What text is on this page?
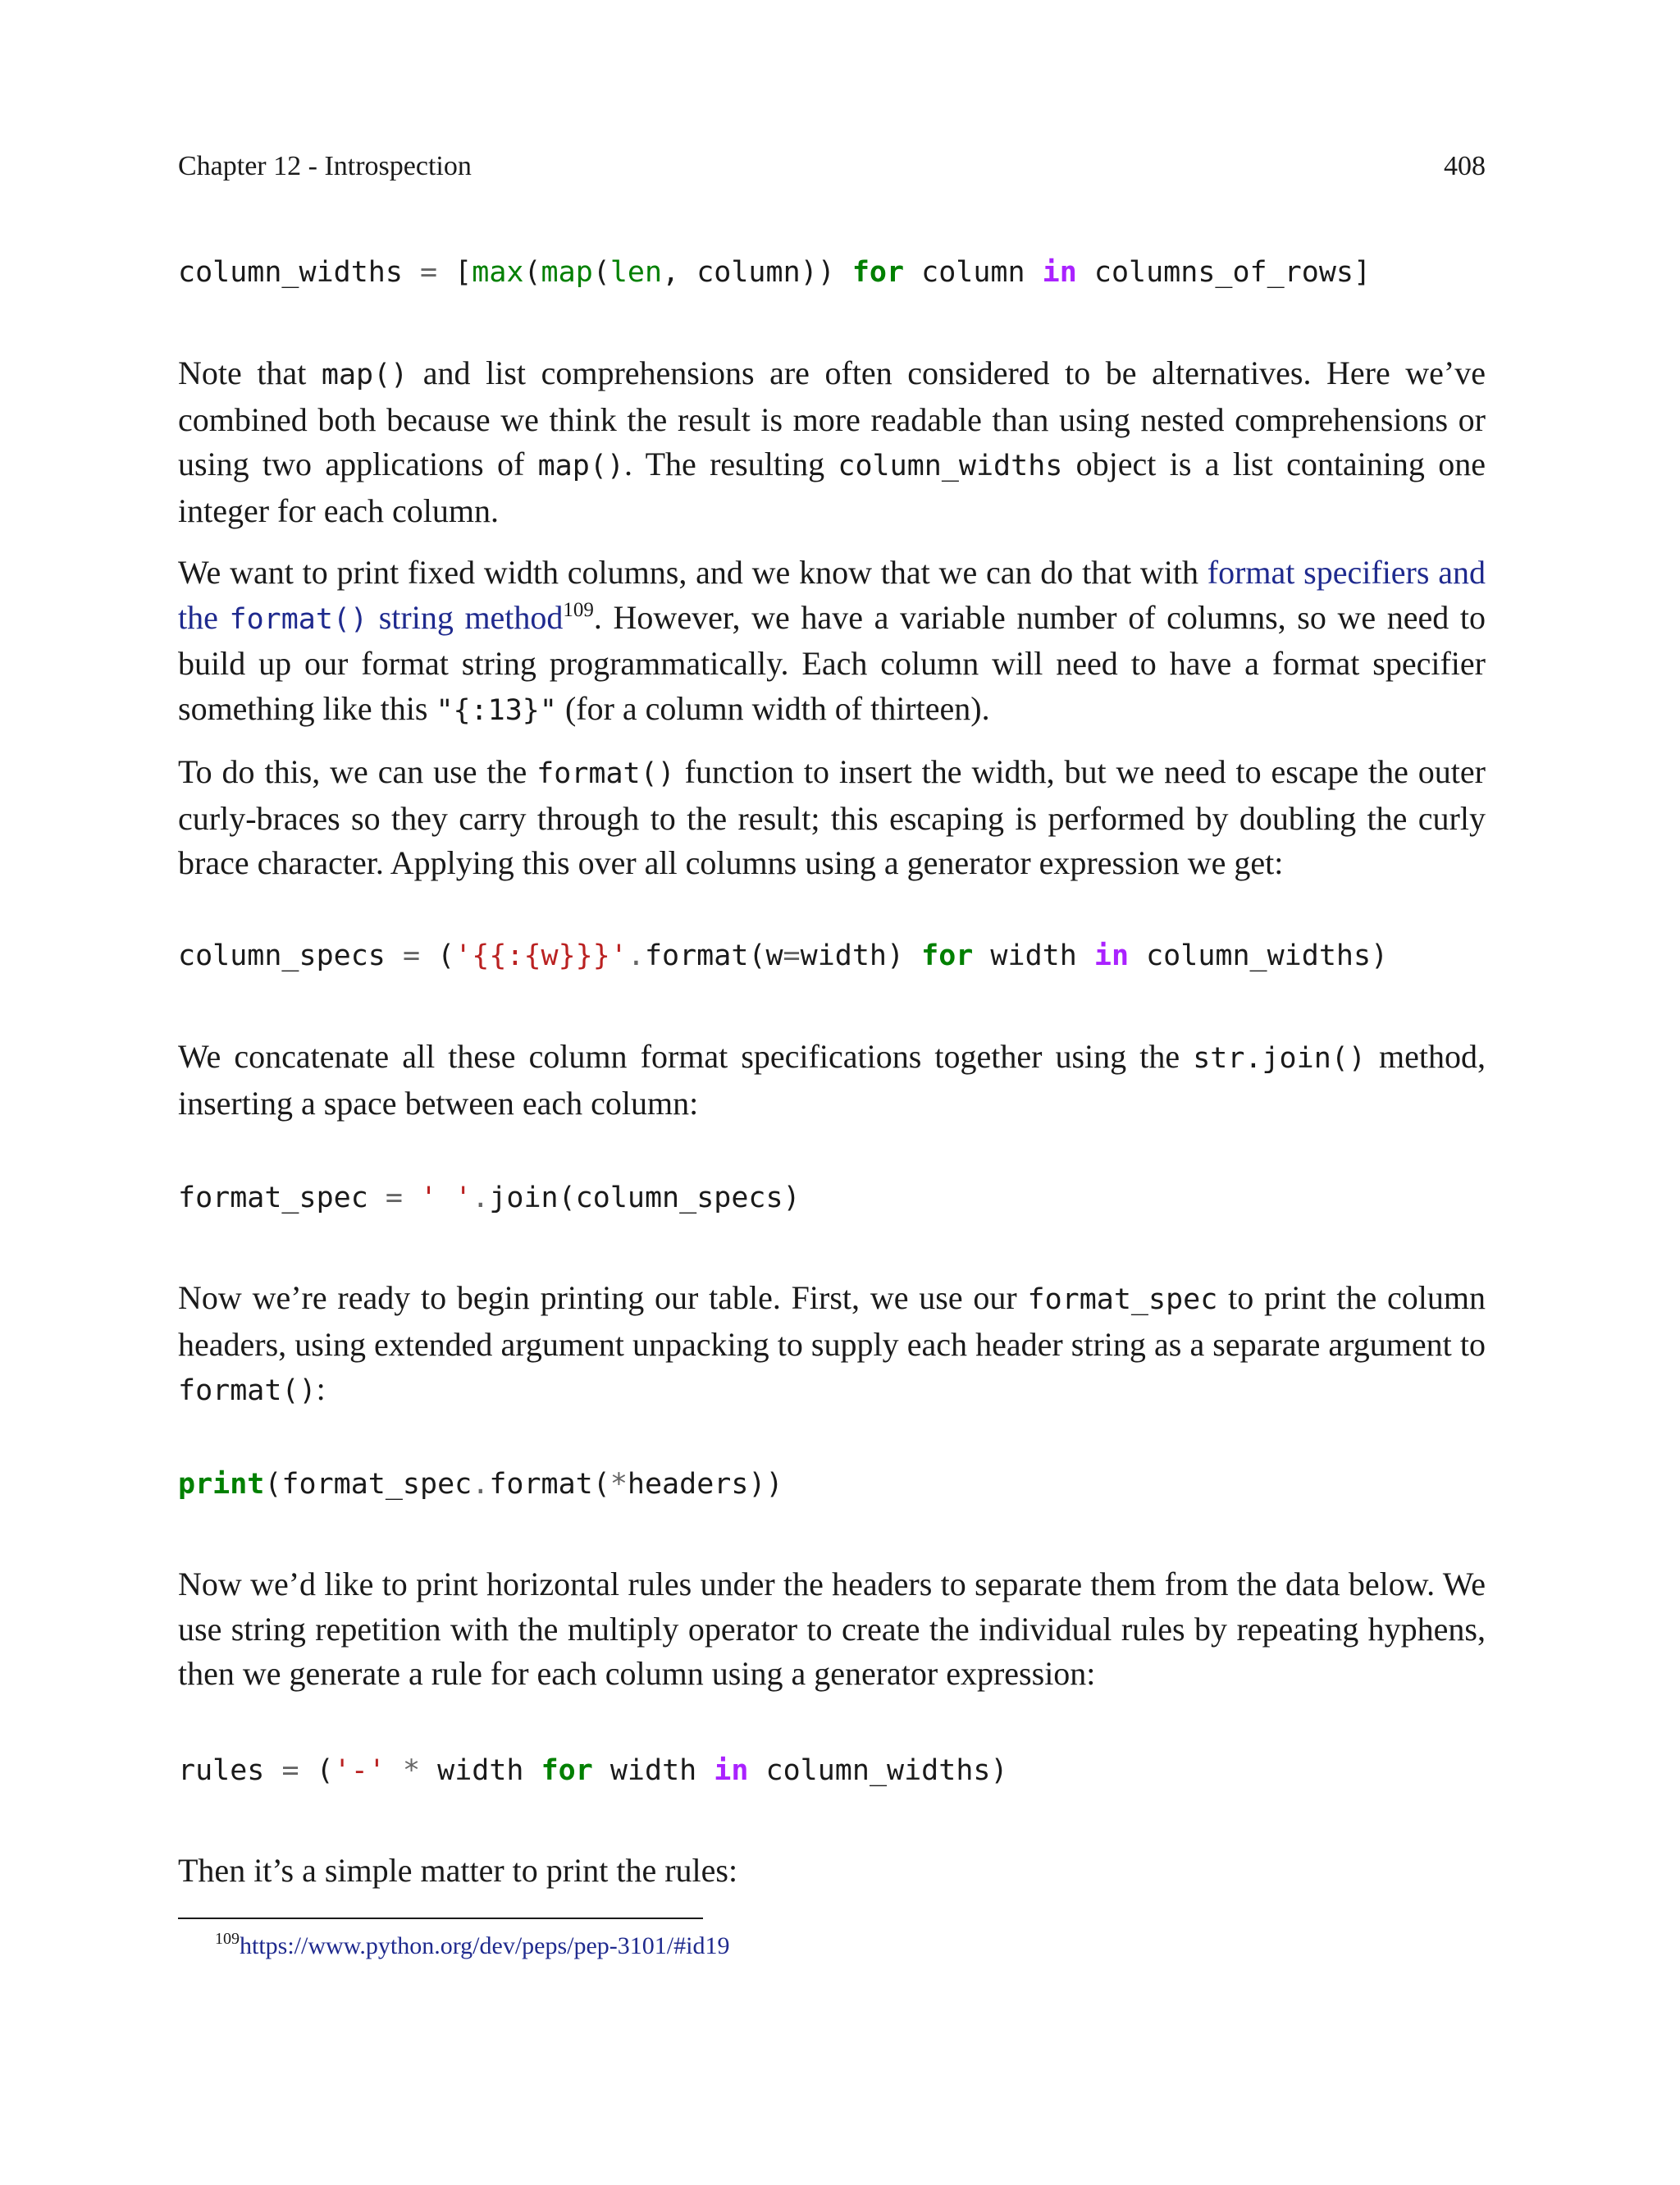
Chapter 12 - Introspection	408
column_widths = [max(map(len, column)) for column in columns_of_rows]

Note that map() and list comprehensions are often considered to be alternatives. Here we’ve combined both because we think the result is more readable than using nested comprehensions or using two applications of map(). The resulting column_widths object is a list containing one integer for each column.

We want to print fixed width columns, and we know that we can do that with format specifiers and the format() string method$^{109}$. However, we have a variable number of columns, so we need to build up our format string programmatically. Each column will need to have a format specifier something like this "{:13}" (for a column width of thirteen).

To do this, we can use the format() function to insert the width, but we need to escape the outer curly-braces so they carry through to the result; this escaping is performed by doubling the curly brace character. Applying this over all columns using a generator expression we get:

column_specs = ('{{:{w}}}'.format(w=width) for width in column_widths)

We concatenate all these column format specifications together using the str.join() method, inserting a space between each column:

format_spec = ' '.join(column_specs)

Now we’re ready to begin printing our table. First, we use our format_spec to print the column headers, using extended argument unpacking to supply each header string as a separate argument to format():

print(format_spec.format(*headers))

Now we’d like to print horizontal rules under the headers to separate them from the data below. We use string repetition with the multiply operator to create the individual rules by repeating hyphens, then we generate a rule for each column using a generator expression:

rules = ('-' * width for width in column_widths)

Then it’s a simple matter to print the rules:

$^{109}$https://www.python.org/dev/peps/pep-3101/#id19
